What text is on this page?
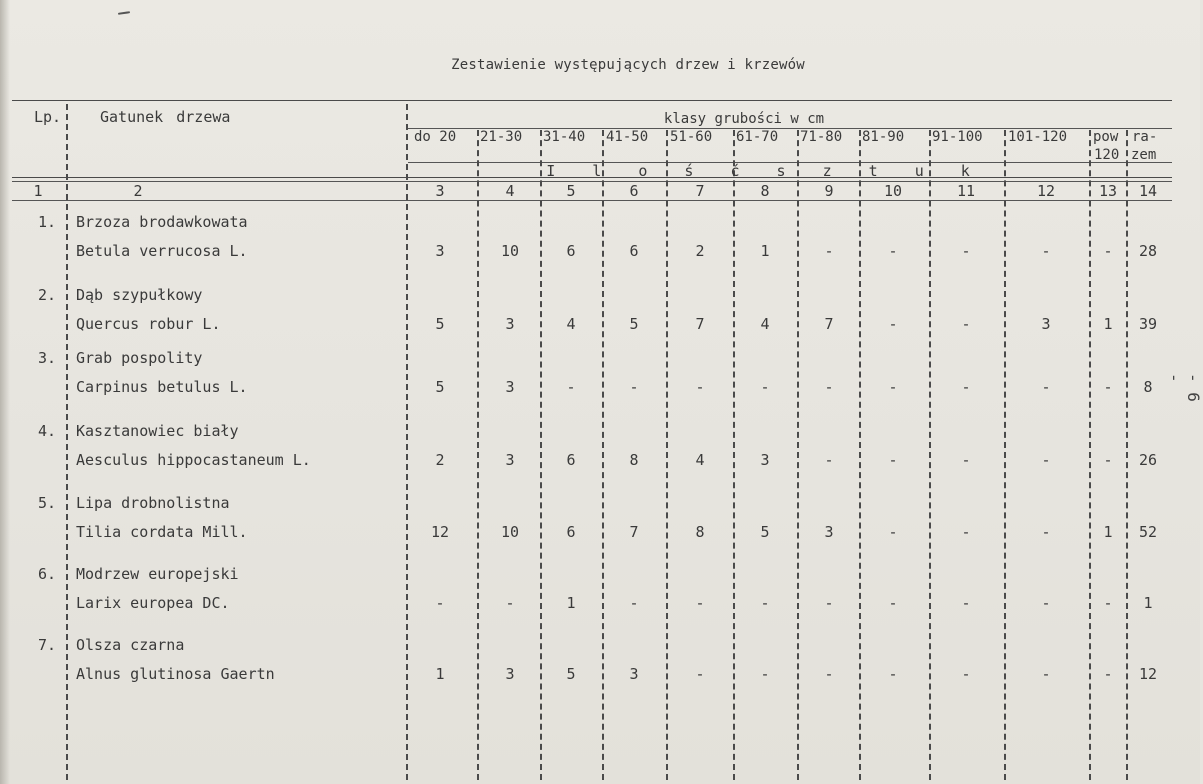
Zestawienie występujących drzew i krzewów
Lp.	Gatunek drzewa	klasy grubości w cm
I l o ś ć s z t u k
do 20 21-30 31-40 41-50 51-60 61-70 71-80 81-90 91-100 101-120 pow ra-
120 zem
1	2	3	4	5	6	7	8	9	10	11	12	13 14
1. Brzoza brodawkowata
Betula verrucosa L.	3	10	6	6	2	1	-	-	-	-	- 28
2. Dąb szypułkowy
Quercus robur L.	5	3	4	5	7	4	7	-	-	3	1 39
3. Grab pospolity
Carpinus betulus L.	5	3	-	-	-	-	-	-	-	-	- 8
4. Kasztanowiec biały
Aesculus hippocastaneum L.	2	3	6	8	4	3	-	-	-	-	- 26
5. Lipa drobnolistna
Tilia cordata Mill.	12	10	6	7	8	5	3	-	-	-	1 52
6. Modrzew europejski
Larix europea DC.	-	-	1	-	-	-	-	-	-	-	- 1
7. Olsza czarna
Alnus glutinosa Gaertn	1	3	5	3	-	-	-	-	-	-	- 12
- 6 -
